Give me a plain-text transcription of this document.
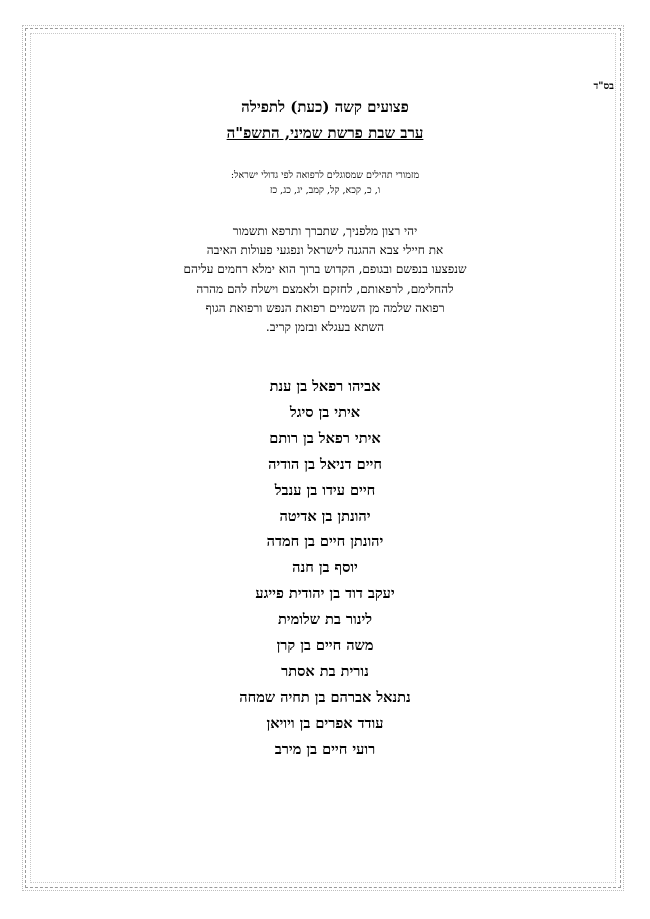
בס"ד
פצועים קשה (כעת) לתפילה
ערב שבת פרשת שמיני, התשפ"ה
מזמורי תהילים שמסוגלים לרפואה לפי גדולי ישראל:
ו, כ, קכא, קל, קמב, יג, כג, כז
יהי רצון מלפניך, שתברך ותרפא ותשמור
את חיילי צבא ההגנה לישראל ונפגעי פעולות האיבה
שנפצעו בנפשם ובגופם, הקדוש ברוך הוא ימלא רחמים עליהם
להחלימם, לרפאותם, לחזקם ולאמצם וישלח להם מהרה
רפואה שלמה מן השמיים רפואת הנפש ורפואת הגוף
השתא בעגלא ובזמן קריב.
אביהו רפאל בן ענת
איתי בן סיגל
איתי רפאל בן רותם
חיים דניאל בן הודיה
חיים עידו בן ענבל
יהונתן בן אדיטה
יהונתן חיים בן חמדה
יוסף בן חנה
יעקב דוד בן יהודית פייגע
לינור בת שלומית
משה חיים בן קרן
נורית בת אסתר
נתנאל אברהם בן תחיה שמחה
עודד אפרים בן ויויאן
רועי חיים בן מירב
